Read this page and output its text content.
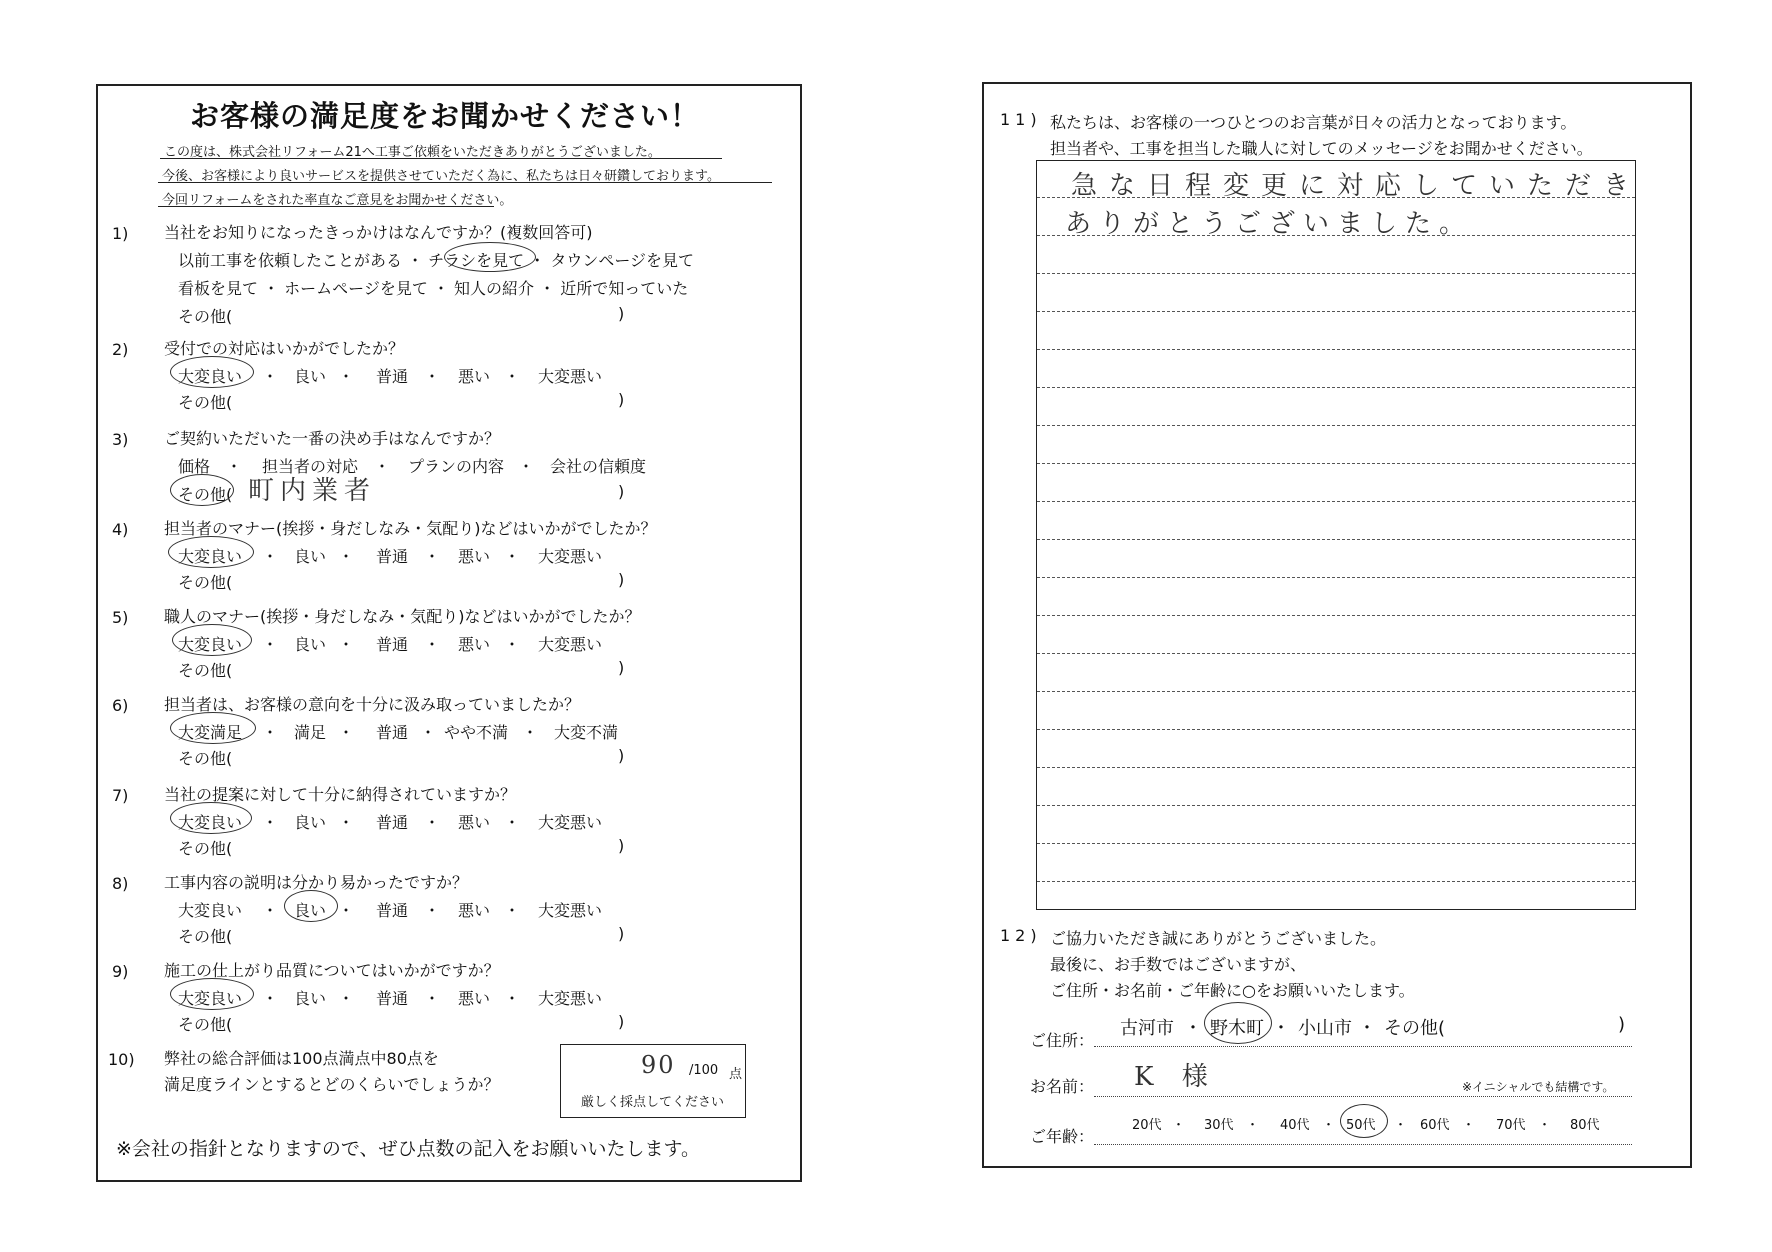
お客様の満足度をお聞かせください！
この度は、株式会社リフォーム21へ工事ご依頼をいただきありがとうございました。
今後、お客様により良いサービスを提供させていただく為に、私たちは日々研鑽しております。
今回リフォームをされた率直なご意見をお聞かせください。
1) 当社をお知りになったきっかけはなんですか？(複数回答可)
以前工事を依頼したことがある ・ チラシを見て ・ タウンページを見て
看板を見て ・ ホームページを見て ・ 知人の紹介 ・ 近所で知っていた
その他(	)
2) 受付での対応はいかがでしたか？
大変良い ・ 良い ・ 普通 ・ 悪い ・ 大変悪い
その他(	)
3) ご契約いただいた一番の決め手はなんですか？
価格 ・ 担当者の対応 ・ プランの内容 ・ 会社の信頼度
その他( 町内業者	)
4) 担当者のマナー(挨拶・身だしなみ・気配り)などはいかがでしたか？
大変良い ・ 良い ・ 普通 ・ 悪い ・ 大変悪い
その他(	)
5) 職人のマナー(挨拶・身だしなみ・気配り)などはいかがでしたか？
大変良い ・ 良い ・ 普通 ・ 悪い ・ 大変悪い
その他(	)
6) 担当者は、お客様の意向を十分に汲み取っていましたか？
大変満足 ・ 満足 ・ 普通 ・ やや不満 ・ 大変不満
その他(	)
7) 当社の提案に対して十分に納得されていますか？
大変良い ・ 良い ・ 普通 ・ 悪い ・ 大変悪い
その他(	)
8) 工事内容の説明は分かり易かったですか？
大変良い ・ 良い ・ 普通 ・ 悪い ・ 大変悪い
その他(	)
9) 施工の仕上がり品質についてはいかがですか？
大変良い ・ 良い ・ 普通 ・ 悪い ・ 大変悪い
その他(	)
10) 弊社の総合評価は100点満点中80点を
満足度ラインとするとどのくらいでしょうか？
90 /100 点
厳しく採点してください
※会社の指針となりますので、ぜひ点数の記入をお願いいたします。
11) 私たちは、お客様の一つひとつのお言葉が日々の活力となっております。
担当者や、工事を担当した職人に対してのメッセージをお聞かせください。
急な日程変更に対応していただき
ありがとうございました。
12) ご協力いただき誠にありがとうございました。
最後に、お手数ではございますが、
ご住所・お名前・ご年齢に○をお願いいたします。
ご住所：
古河市 ・ 野木町 ・ 小山市 ・ その他(	)
お名前： K 様	※イニシャルでも結構です。
ご年齢：
20代 ・ 30代 ・ 40代 ・ 50代 ・ 60代 ・ 70代 ・ 80代
